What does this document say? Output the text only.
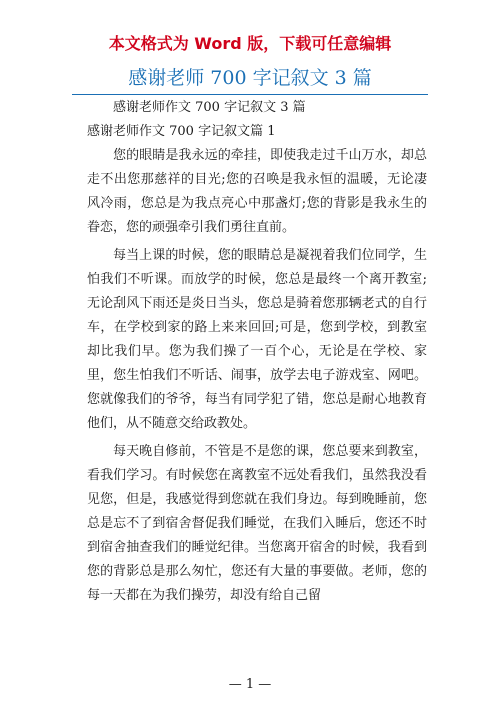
本文格式为 Word 版，下载可任意编辑
感谢老师 700 字记叙文 3 篇
感谢老师作文 700 字记叙文 3 篇
感谢老师作文 700 字记叙文篇 1

您的眼睛是我永远的牵挂，即使我走过千山万水，却总走不出您那慈祥的目光;您的召唤是我永恒的温暖，无论凄风冷雨，您总是为我点亮心中那盏灯;您的背影是我永生的眷恋，您的顽强牵引我们勇往直前。

每当上课的时候，您的眼睛总是凝视着我们位同学，生怕我们不听课。而放学的时候，您总是最终一个离开教室;无论刮风下雨还是炎日当头，您总是骑着您那辆老式的自行车，在学校到家的路上来来回回;可是，您到学校，到教室却比我们早。您为我们操了一百个心，无论是在学校、家里，您生怕我们不听话、闹事，放学去电子游戏室、网吧。您就像我们的爷爷，每当有同学犯了错，您总是耐心地教育他们，从不随意交给政教处。

每天晚自修前，不管是不是您的课，您总要来到教室，看我们学习。有时候您在离教室不远处看我们，虽然我没看见您，但是，我感觉得到您就在我们身边。每到晚睡前，您总是忘不了到宿舍督促我们睡觉，在我们入睡后，您还不时到宿舍抽查我们的睡觉纪律。当您离开宿舍的时候，我看到您的背影总是那么匆忙，您还有大量的事要做。老师，您的每一天都在为我们操劳，却没有给自己留

— 1 —
